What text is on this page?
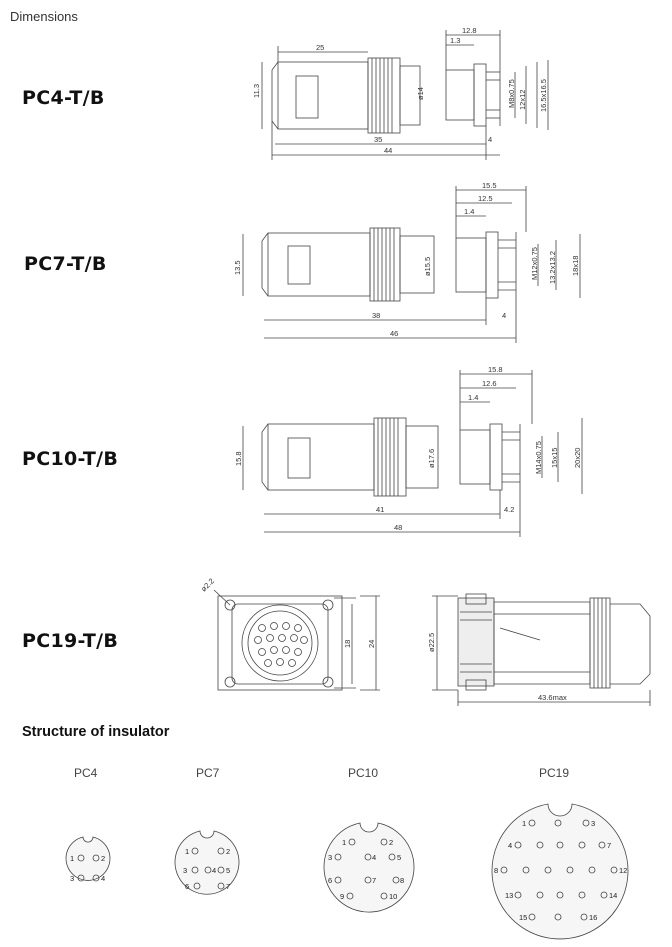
Dimensions
PC4-T/B
PC7-T/B
PC10-T/B
PC19-T/B
Structure of insulator
PC4	PC7	PC10	PC19
25
11.3	ø14
35
44
12.8
1.3
M8x0.75 12x12 16.5x16.5
4
13.5	ø15.5
38
46
15.5
12.5
1.4
M12x0.75 13.2x13.2 18x18
4
15.8	ø17.6
41
48
15.8
12.6
1.4
M14x0.75 15x15 20x20
4.2
ø2.2
18 24	ø22.5
43.6max
1	2
3	4
1	2
3	4 5
6	7
1	2
3	4	5
6	7	8
9	10
1	3
4	7
8	12
13	14
15	16
